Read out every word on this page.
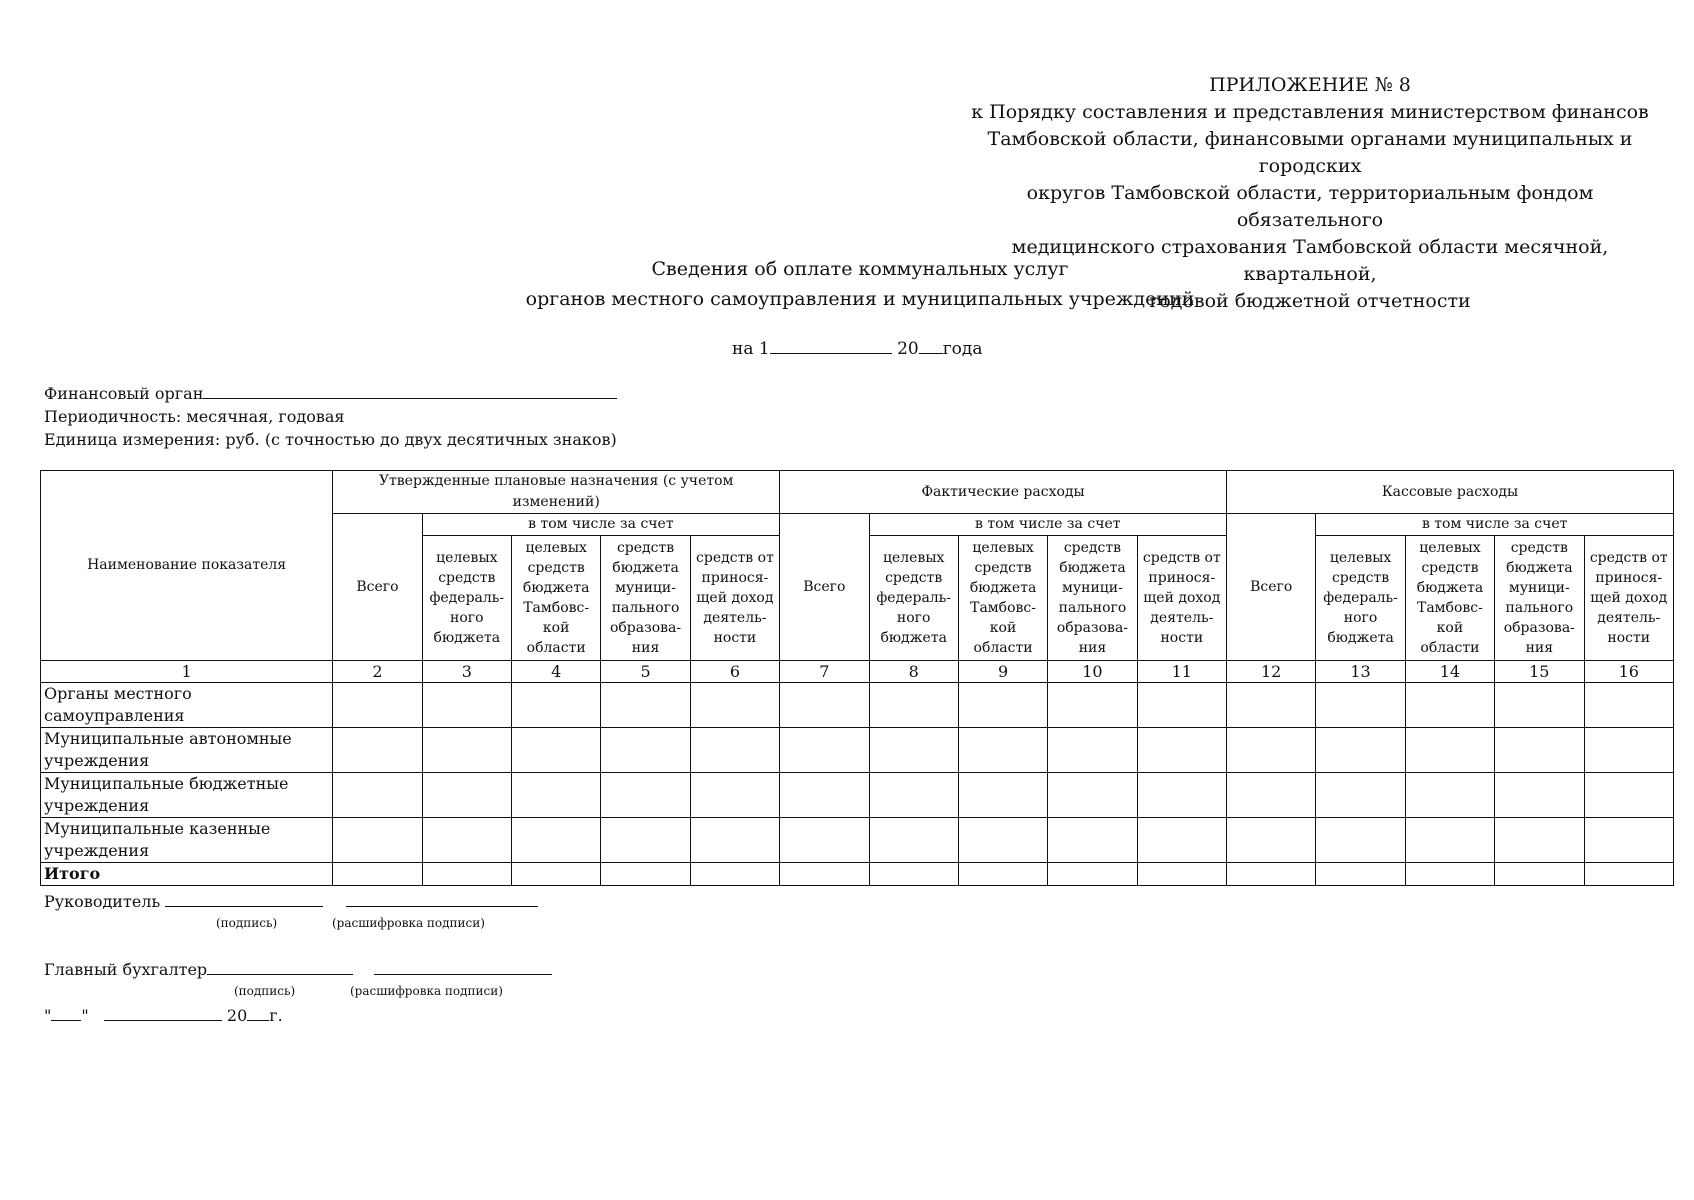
ПРИЛОЖЕНИЕ № 8
к Порядку составления и представления министерством финансов
Тамбовской области, финансовыми органами муниципальных и городских
округов Тамбовской области, территориальным фондом обязательного
медицинского страхования Тамбовской области месячной, квартальной,
годовой бюджетной отчетности
Сведения об оплате коммунальных услуг
органов местного самоуправления и муниципальных учреждений
на 1	20 года
Финансовый орган
Периодичность: месячная, годовая
Единица измерения: руб. (с точностью до двух десятичных знаков)
Наименование показателя	Утвержденные плановые назначения (с учетом изменений)					Фактические расходы					Кассовые расходы				
	Всего	в том числе за счет				Всего	в том числе за счет				Всего	в том числе за счет			
		целевых средств федераль-ного бюджета	целевых средств бюджета Тамбовс-кой области	средств бюджета муници-пального образова-ния	средств от принося-щей доход деятель-ности		целевых средств федераль-ного бюджета	целевых средств бюджета Тамбовс-кой области	средств бюджета муници-пального образова-ния	средств от принося-щей доход деятель-ности		целевых средств федераль-ного бюджета	целевых средств бюджета Тамбовс-кой области	средств бюджета муници-пального образова-ния	средств от принося-щей доход деятель-ности
1	2	3	4	5	6	7	8	9	10	11	12	13	14	15	16
Органы местного самоуправления															
Муниципальные автономные учреждения															
Муниципальные бюджетные учреждения															
Муниципальные казенные учреждения															
Итого															
Руководитель
(подпись)	(расшифровка подписи)
Главный бухгалтер
(подпись)	(расшифровка подписи)
" "	20 г.
